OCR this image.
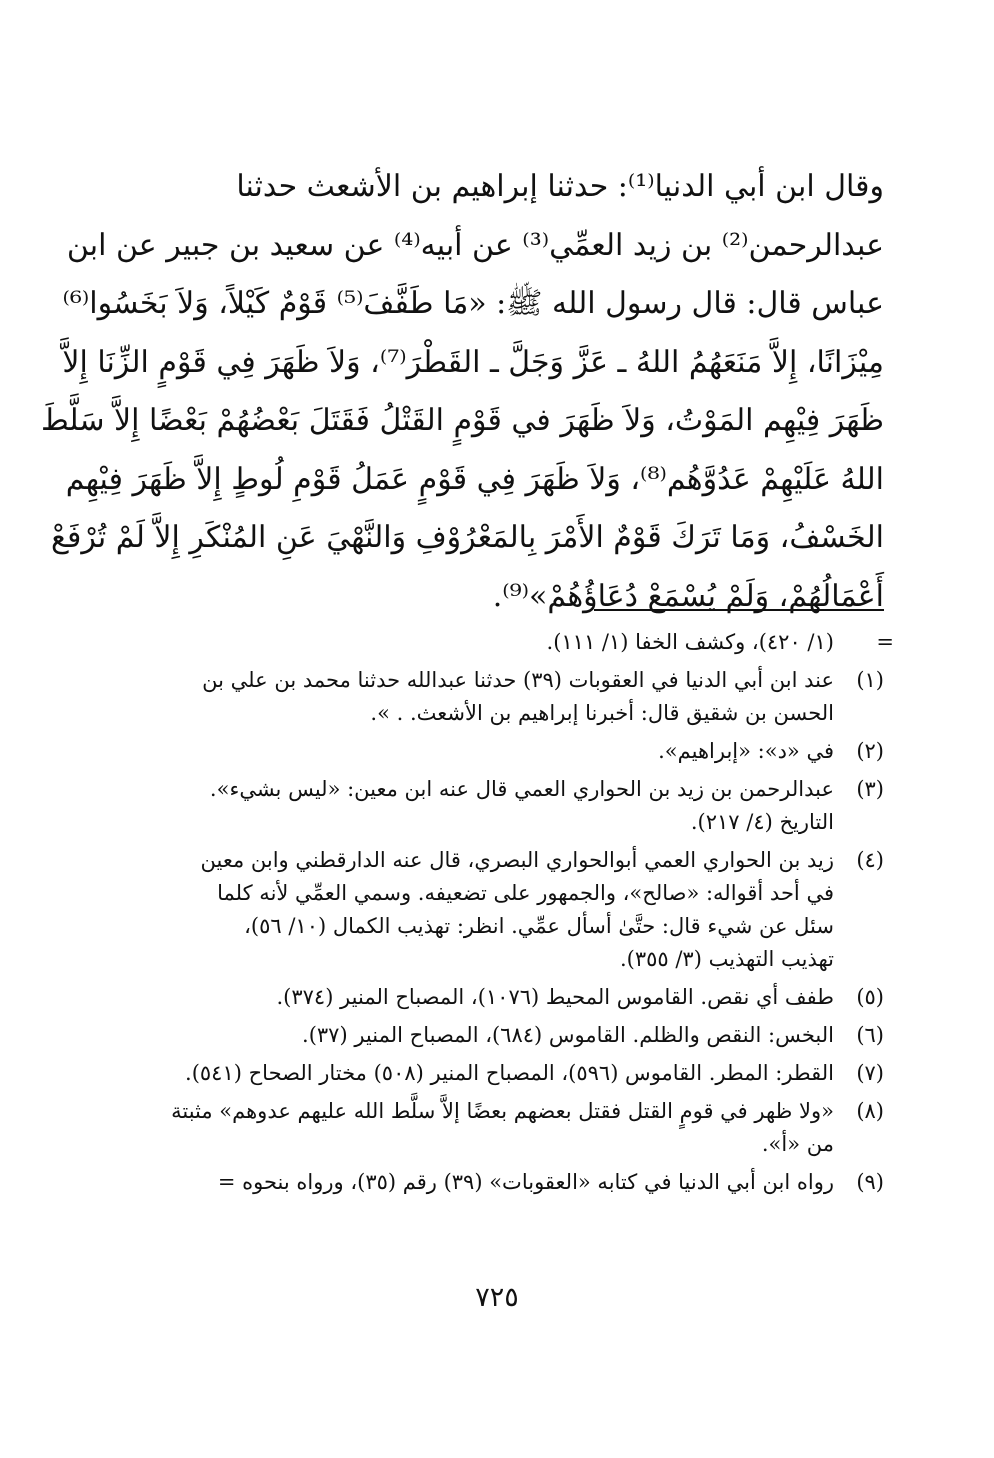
وقال ابن أبي الدنيا⁽¹⁾: حدثنا إبراهيم بن الأشعث حدثنا
عبدالرحمن⁽²⁾ بن زيد العمِّي⁽³⁾ عن أبيه⁽⁴⁾ عن سعيد بن جبير عن ابن
عباس قال: قال رسول الله ﷺ: «مَا طَفَّفَ⁽⁵⁾ قَوْمٌ كَيْلاً، وَلاَ بَخَسُوا⁽⁶⁾
مِيْزَانًا، إِلاَّ مَنَعَهُمُ اللهُ ـ عَزَّ وَجَلَّ ـ القَطْرَ⁽⁷⁾، وَلاَ ظَهَرَ فِي قَوْمٍ الزِّنَا إِلاَّ
ظَهَرَ فِيْهِم المَوْتُ، وَلاَ ظَهَرَ في قَوْمٍ القَتْلُ فَقَتَلَ بَعْضُهُمْ بَعْضًا إِلاَّ سَلَّطَ
اللهُ عَلَيْهِمْ عَدُوَّهُم⁽⁸⁾، وَلاَ ظَهَرَ فِي قَوْمٍ عَمَلُ قَوْمِ لُوطٍ إِلاَّ ظَهَرَ فِيْهِم
الخَسْفُ، وَمَا تَرَكَ قَوْمٌ الأَمْرَ بِالمَعْرُوْفِ وَالنَّهْيَ عَنِ المُنْكَرِ إِلاَّ لَمْ تُرْفَعْ
أَعْمَالُهُمْ، وَلَمْ يُسْمَعْ دُعَاؤُهُمْ»⁽⁹⁾.
=
(١/ ٤٢٠)، وكشف الخفا (١/ ١١١).
(١)
عند ابن أبي الدنيا في العقوبات (٣٩) حدثنا عبدالله حدثنا محمد بن علي بن
الحسن بن شقيق قال: أخبرنا إبراهيم بن الأشعث. . ».
(٢)
في «د»: «إبراهيم».
(٣)
عبدالرحمن بن زيد بن الحواري العمي قال عنه ابن معين: «ليس بشيء».
التاريخ (٤/ ٢١٧).
(٤)
زيد بن الحواري العمي أبوالحواري البصري، قال عنه الدارقطني وابن معين
في أحد أقواله: «صالح»، والجمهور على تضعيفه. وسمي العمِّي لأنه كلما
سئل عن شيء قال: حتَّىٰ أسأل عمِّي. انظر: تهذيب الكمال (١٠/ ٥٦)،
تهذيب التهذيب (٣/ ٣٥٥).
(٥)
طفف أي نقص. القاموس المحيط (١٠٧٦)، المصباح المنير (٣٧٤).
(٦)
البخس: النقص والظلم. القاموس (٦٨٤)، المصباح المنير (٣٧).
(٧)
القطر: المطر. القاموس (٥٩٦)، المصباح المنير (٥٠٨) مختار الصحاح (٥٤١).
(٨)
«ولا ظهر في قومٍ القتل فقتل بعضهم بعضًا إلاَّ سلَّط الله عليهم عدوهم» مثبتة
من «أ».
(٩)
رواه ابن أبي الدنيا في كتابه «العقوبات» (٣٩) رقم (٣٥)، ورواه بنحوه =
٧٢٥
